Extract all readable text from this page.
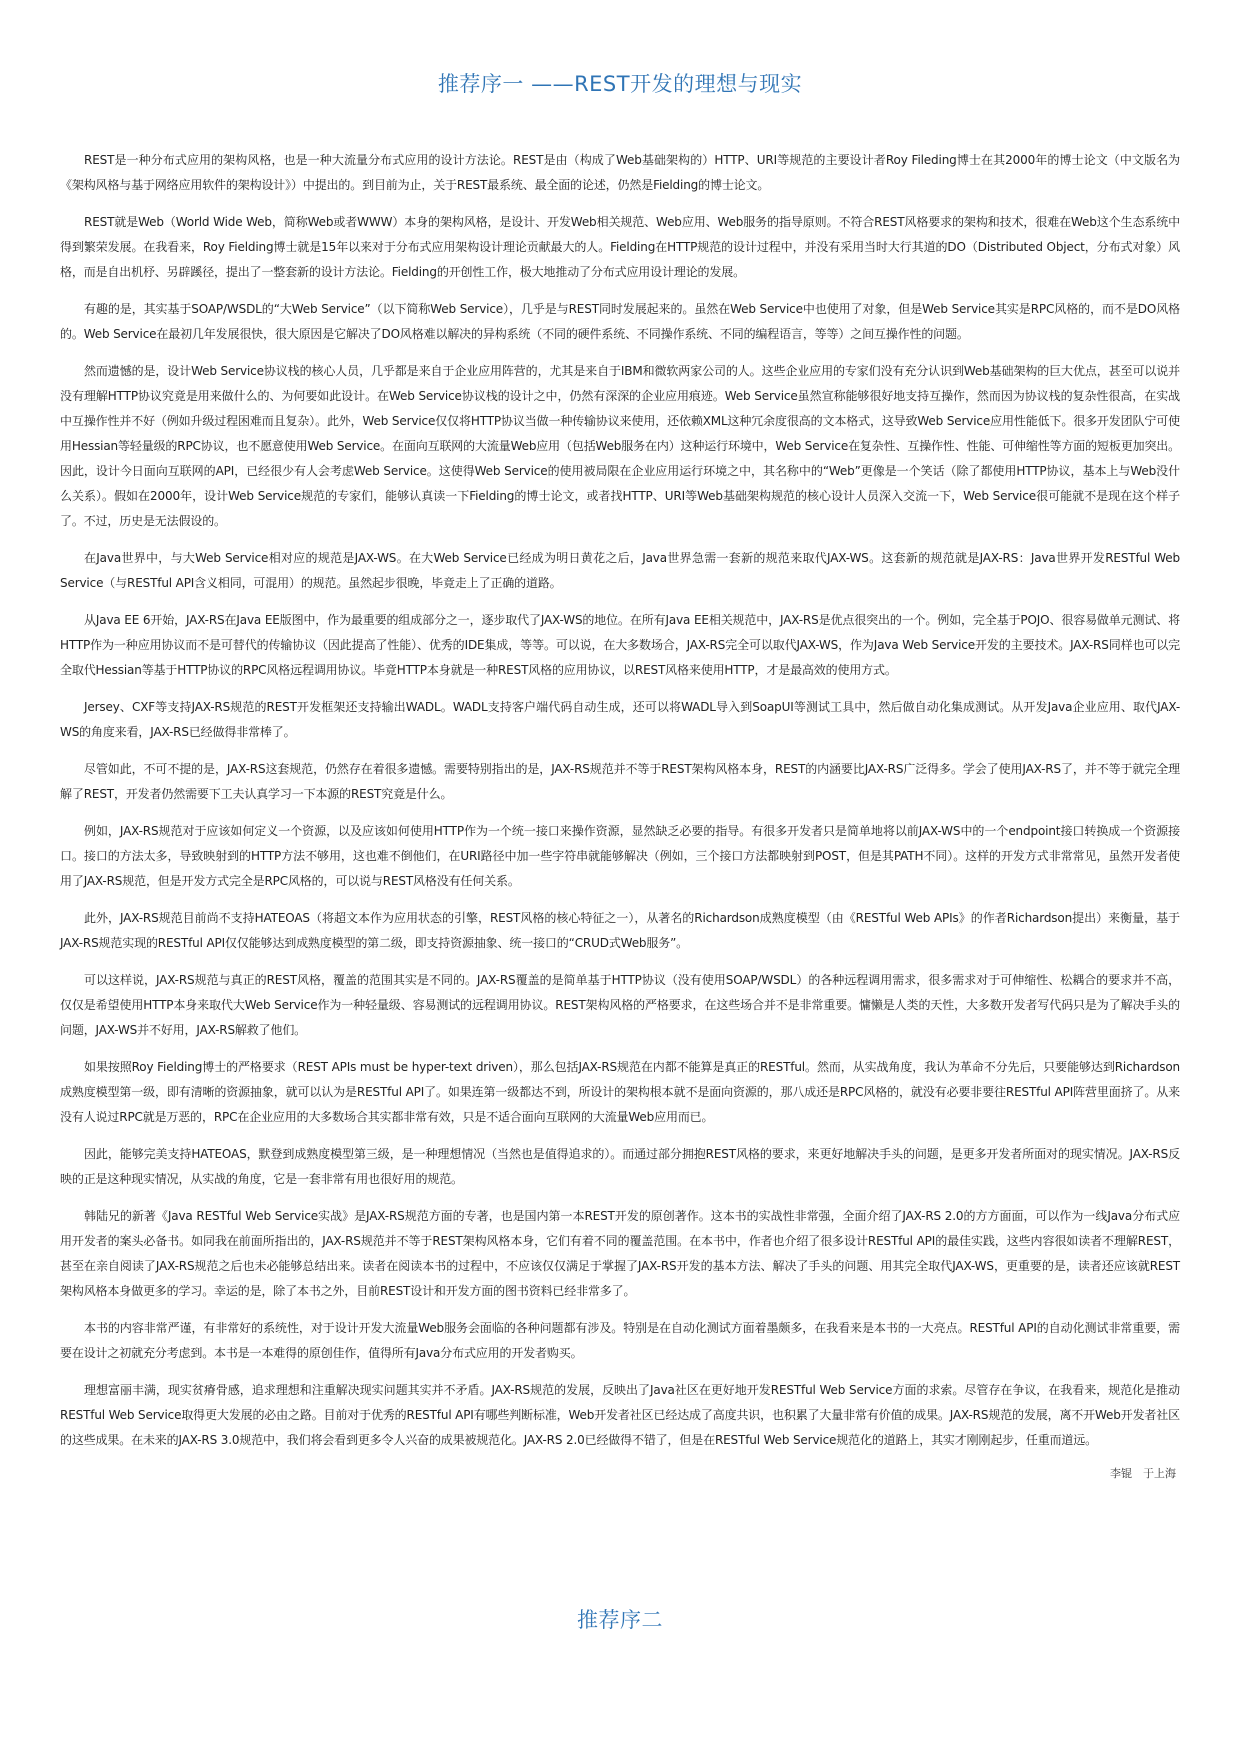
推荐序一 ——REST开发的理想与现实

REST是一种分布式应用的架构风格，也是一种大流量分布式应用的设计方法论。REST是由（构成了Web基础架构的）HTTP、URI等规范的主要设计者Roy Fileding博士在其2000年的博士论文（中文版名为《架构风格与基于网络应用软件的架构设计》）中提出的。到目前为止，关于REST最系统、最全面的论述，仍然是Fielding的博士论文。

REST就是Web（World Wide Web，简称Web或者WWW）本身的架构风格，是设计、开发Web相关规范、Web应用、Web服务的指导原则。不符合REST风格要求的架构和技术，很难在Web这个生态系统中得到繁荣发展。在我看来，Roy Fielding博士就是15年以来对于分布式应用架构设计理论贡献最大的人。Fielding在HTTP规范的设计过程中，并没有采用当时大行其道的DO（Distributed Object，分布式对象）风格，而是自出机杼、另辟蹊径，提出了一整套新的设计方法论。Fielding的开创性工作，极大地推动了分布式应用设计理论的发展。

有趣的是，其实基于SOAP/WSDL的“大Web Service”（以下简称Web Service），几乎是与REST同时发展起来的。虽然在Web Service中也使用了对象，但是Web Service其实是RPC风格的，而不是DO风格的。Web Service在最初几年发展很快，很大原因是它解决了DO风格难以解决的异构系统（不同的硬件系统、不同操作系统、不同的编程语言，等等）之间互操作性的问题。

然而遗憾的是，设计Web Service协议栈的核心人员，几乎都是来自于企业应用阵营的，尤其是来自于IBM和微软两家公司的人。这些企业应用的专家们没有充分认识到Web基础架构的巨大优点，甚至可以说并没有理解HTTP协议究竟是用来做什么的、为何要如此设计。在Web Service协议栈的设计之中，仍然有深深的企业应用痕迹。Web Service虽然宣称能够很好地支持互操作，然而因为协议栈的复杂性很高，在实战中互操作性并不好（例如升级过程困难而且复杂）。此外，Web Service仅仅将HTTP协议当做一种传输协议来使用，还依赖XML这种冗余度很高的文本格式，这导致Web Service应用性能低下。很多开发团队宁可使用Hessian等轻量级的RPC协议，也不愿意使用Web Service。在面向互联网的大流量Web应用（包括Web服务在内）这种运行环境中，Web Service在复杂性、互操作性、性能、可伸缩性等方面的短板更加突出。因此，设计今日面向互联网的API，已经很少有人会考虑Web Service。这使得Web Service的使用被局限在企业应用运行环境之中，其名称中的“Web”更像是一个笑话（除了都使用HTTP协议，基本上与Web没什么关系）。假如在2000年，设计Web Service规范的专家们，能够认真读一下Fielding的博士论文，或者找HTTP、URI等Web基础架构规范的核心设计人员深入交流一下，Web Service很可能就不是现在这个样子了。不过，历史是无法假设的。

在Java世界中，与大Web Service相对应的规范是JAX-WS。在大Web Service已经成为明日黄花之后，Java世界急需一套新的规范来取代JAX-WS。这套新的规范就是JAX-RS：Java世界开发RESTful Web Service（与RESTful API含义相同，可混用）的规范。虽然起步很晚，毕竟走上了正确的道路。

从Java EE 6开始，JAX-RS在Java EE版图中，作为最重要的组成部分之一，逐步取代了JAX-WS的地位。在所有Java EE相关规范中，JAX-RS是优点很突出的一个。例如，完全基于POJO、很容易做单元测试、将HTTP作为一种应用协议而不是可替代的传输协议（因此提高了性能）、优秀的IDE集成，等等。可以说，在大多数场合，JAX-RS完全可以取代JAX-WS，作为Java Web Service开发的主要技术。JAX-RS同样也可以完全取代Hessian等基于HTTP协议的RPC风格远程调用协议。毕竟HTTP本身就是一种REST风格的应用协议，以REST风格来使用HTTP，才是最高效的使用方式。

Jersey、CXF等支持JAX-RS规范的REST开发框架还支持输出WADL。WADL支持客户端代码自动生成，还可以将WADL导入到SoapUI等测试工具中，然后做自动化集成测试。从开发Java企业应用、取代JAX-WS的角度来看，JAX-RS已经做得非常棒了。

尽管如此，不可不提的是，JAX-RS这套规范，仍然存在着很多遗憾。需要特别指出的是，JAX-RS规范并不等于REST架构风格本身，REST的内涵要比JAX-RS广泛得多。学会了使用JAX-RS了，并不等于就完全理解了REST，开发者仍然需要下工夫认真学习一下本源的REST究竟是什么。

例如，JAX-RS规范对于应该如何定义一个资源，以及应该如何使用HTTP作为一个统一接口来操作资源，显然缺乏必要的指导。有很多开发者只是简单地将以前JAX-WS中的一个endpoint接口转换成一个资源接口。接口的方法太多，导致映射到的HTTP方法不够用，这也难不倒他们，在URI路径中加一些字符串就能够解决（例如，三个接口方法都映射到POST，但是其PATH不同）。这样的开发方式非常常见，虽然开发者使用了JAX-RS规范，但是开发方式完全是RPC风格的，可以说与REST风格没有任何关系。

此外，JAX-RS规范目前尚不支持HATEOAS（将超文本作为应用状态的引擎，REST风格的核心特征之一），从著名的Richardson成熟度模型（由《RESTful Web APIs》的作者Richardson提出）来衡量，基于JAX-RS规范实现的RESTful API仅仅能够达到成熟度模型的第二级，即支持资源抽象、统一接口的“CRUD式Web服务”。

可以这样说，JAX-RS规范与真正的REST风格，覆盖的范围其实是不同的。JAX-RS覆盖的是简单基于HTTP协议（没有使用SOAP/WSDL）的各种远程调用需求，很多需求对于可伸缩性、松耦合的要求并不高，仅仅是希望使用HTTP本身来取代大Web Service作为一种轻量级、容易测试的远程调用协议。REST架构风格的严格要求，在这些场合并不是非常重要。慵懒是人类的天性，大多数开发者写代码只是为了解决手头的问题，JAX-WS并不好用，JAX-RS解救了他们。

如果按照Roy Fielding博士的严格要求（REST APIs must be hyper-text driven），那么包括JAX-RS规范在内都不能算是真正的RESTful。然而，从实战角度，我认为革命不分先后，只要能够达到Richardson成熟度模型第一级，即有清晰的资源抽象，就可以认为是RESTful API了。如果连第一级都达不到，所设计的架构根本就不是面向资源的，那八成还是RPC风格的，就没有必要非要往RESTful API阵营里面挤了。从来没有人说过RPC就是万恶的，RPC在企业应用的大多数场合其实都非常有效，只是不适合面向互联网的大流量Web应用而已。

因此，能够完美支持HATEOAS，默登到成熟度模型第三级，是一种理想情况（当然也是值得追求的）。而通过部分拥抱REST风格的要求，来更好地解决手头的问题，是更多开发者所面对的现实情况。JAX-RS反映的正是这种现实情况，从实战的角度，它是一套非常有用也很好用的规范。

韩陆兄的新著《Java RESTful Web Service实战》是JAX-RS规范方面的专著，也是国内第一本REST开发的原创著作。这本书的实战性非常强，全面介绍了JAX-RS 2.0的方方面面，可以作为一线Java分布式应用开发者的案头必备书。如同我在前面所指出的，JAX-RS规范并不等于REST架构风格本身，它们有着不同的覆盖范围。在本书中，作者也介绍了很多设计RESTful API的最佳实践，这些内容很如读者不理解REST，甚至在亲自阅读了JAX-RS规范之后也未必能够总结出来。读者在阅读本书的过程中，不应该仅仅满足于掌握了JAX-RS开发的基本方法、解决了手头的问题、用其完全取代JAX-WS，更重要的是，读者还应该就REST架构风格本身做更多的学习。幸运的是，除了本书之外，目前REST设计和开发方面的图书资料已经非常多了。

本书的内容非常严谨，有非常好的系统性，对于设计开发大流量Web服务会面临的各种问题都有涉及。特别是在自动化测试方面着墨颇多，在我看来是本书的一大亮点。RESTful API的自动化测试非常重要，需要在设计之初就充分考虑到。本书是一本难得的原创佳作，值得所有Java分布式应用的开发者购买。

理想富丽丰满，现实贫瘠骨感，追求理想和注重解决现实问题其实并不矛盾。JAX-RS规范的发展，反映出了Java社区在更好地开发RESTful Web Service方面的求索。尽管存在争议，在我看来，规范化是推动RESTful Web Service取得更大发展的必由之路。目前对于优秀的RESTful API有哪些判断标准，Web开发者社区已经达成了高度共识，也积累了大量非常有价值的成果。JAX-RS规范的发展，离不开Web开发者社区的这些成果。在未来的JAX-RS 3.0规范中，我们将会看到更多令人兴奋的成果被规范化。JAX-RS 2.0已经做得不错了，但是在RESTful Web Service规范化的道路上，其实才刚刚起步，任重而道远。

李锟　于上海
推荐序二
